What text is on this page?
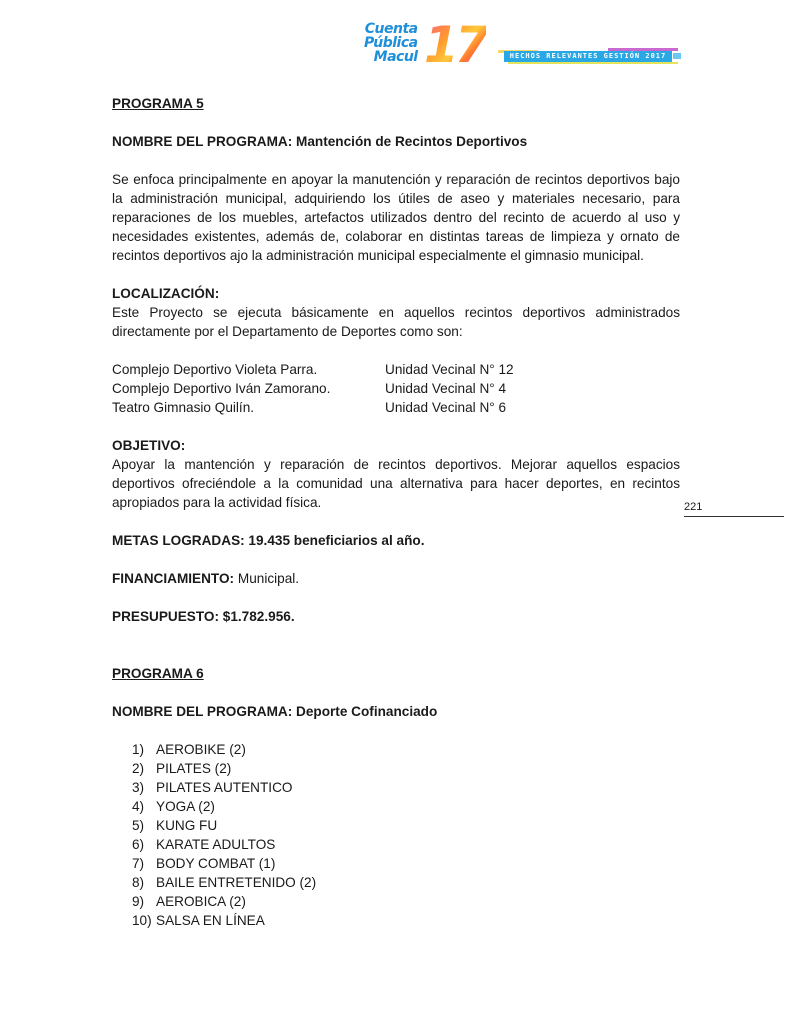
Cuenta
Pública
Macul 17	HECHOS RELEVANTES GESTIÓN 2017
221

PROGRAMA 5

NOMBRE DEL PROGRAMA: Mantención de Recintos Deportivos

Se enfoca principalmente en apoyar la manutención y reparación de recintos deportivos bajo la administración municipal, adquiriendo los útiles de aseo y materiales necesario, para reparaciones de los muebles, artefactos utilizados dentro del recinto de acuerdo al uso y necesidades existentes, además de, colaborar en distintas tareas de limpieza y ornato de recintos deportivos ajo la administración municipal especialmente el gimnasio municipal.

LOCALIZACIÓN:

Este Proyecto se ejecuta básicamente en aquellos recintos deportivos administrados directamente por el Departamento de Deportes como son:

Complejo Deportivo Violeta Parra.	Unidad Vecinal N° 12
Complejo Deportivo Iván Zamorano.	Unidad Vecinal N° 4
Teatro Gimnasio Quilín.	Unidad Vecinal N° 6

OBJETIVO:

Apoyar la mantención y reparación de recintos deportivos. Mejorar aquellos espacios deportivos ofreciéndole a la comunidad una alternativa para hacer deportes, en recintos apropiados para la actividad física.

METAS LOGRADAS: 19.435 beneficiarios al año.

FINANCIAMIENTO: Municipal.

PRESUPUESTO: $1.782.956.

PROGRAMA 6

NOMBRE DEL PROGRAMA: Deporte Cofinanciado

1) AEROBIKE (2)
2) PILATES (2)
3) PILATES AUTENTICO
4) YOGA (2)
5) KUNG FU
6) KARATE ADULTOS
7) BODY COMBAT (1)
8) BAILE ENTRETENIDO (2)
9) AEROBICA (2)
10) SALSA EN LÍNEA
